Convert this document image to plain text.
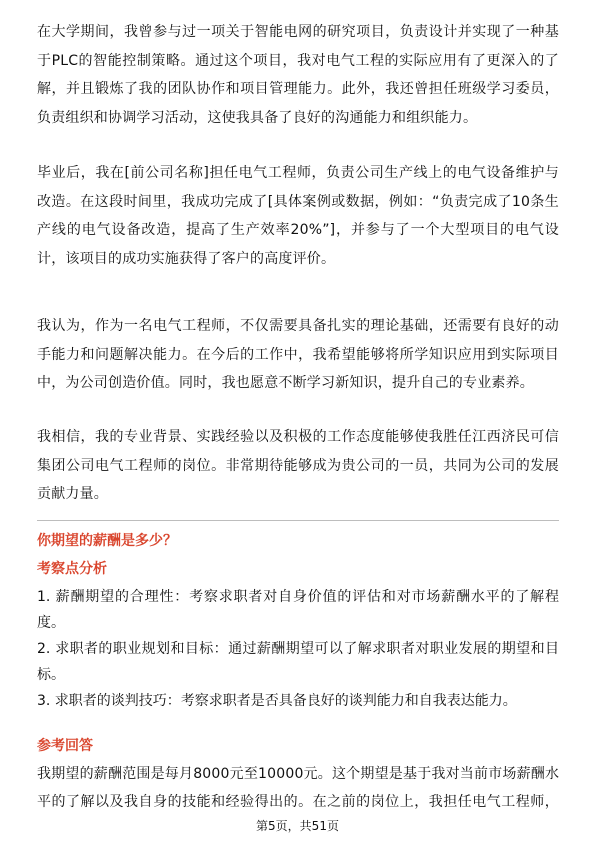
在大学期间，我曾参与过一项关于智能电网的研究项目，负责设计并实现了一种基
于PLC的智能控制策略。通过这个项目，我对电气工程的实际应用有了更深入的了
解，并且锻炼了我的团队协作和项目管理能力。此外，我还曾担任班级学习委员，
负责组织和协调学习活动，这使我具备了良好的沟通能力和组织能力。
毕业后，我在[前公司名称]担任电气工程师，负责公司生产线上的电气设备维护与
改造。在这段时间里，我成功完成了[具体案例或数据，例如：“负责完成了10条生
产线的电气设备改造，提高了生产效率20%”]，并参与了一个大型项目的电气设
计，该项目的成功实施获得了客户的高度评价。
我认为，作为一名电气工程师，不仅需要具备扎实的理论基础，还需要有良好的动
手能力和问题解决能力。在今后的工作中，我希望能够将所学知识应用到实际项目
中，为公司创造价值。同时，我也愿意不断学习新知识，提升自己的专业素养。
我相信，我的专业背景、实践经验以及积极的工作态度能够使我胜任江西济民可信
集团公司电气工程师的岗位。非常期待能够成为贵公司的一员，共同为公司的发展
贡献力量。

你期望的薪酬是多少？

考察点分析

1. 薪酬期望的合理性：考察求职者对自身价值的评估和对市场薪酬水平的了解程
度。
2. 求职者的职业规划和目标：通过薪酬期望可以了解求职者对职业发展的期望和目
标。
3. 求职者的谈判技巧：考察求职者是否具备良好的谈判能力和自我表达能力。

参考回答

我期望的薪酬范围是每月8000元至10000元。这个期望是基于我对当前市场薪酬水
平的了解以及我自身的技能和经验得出的。在之前的岗位上，我担任电气工程师，

第5页，共51页
